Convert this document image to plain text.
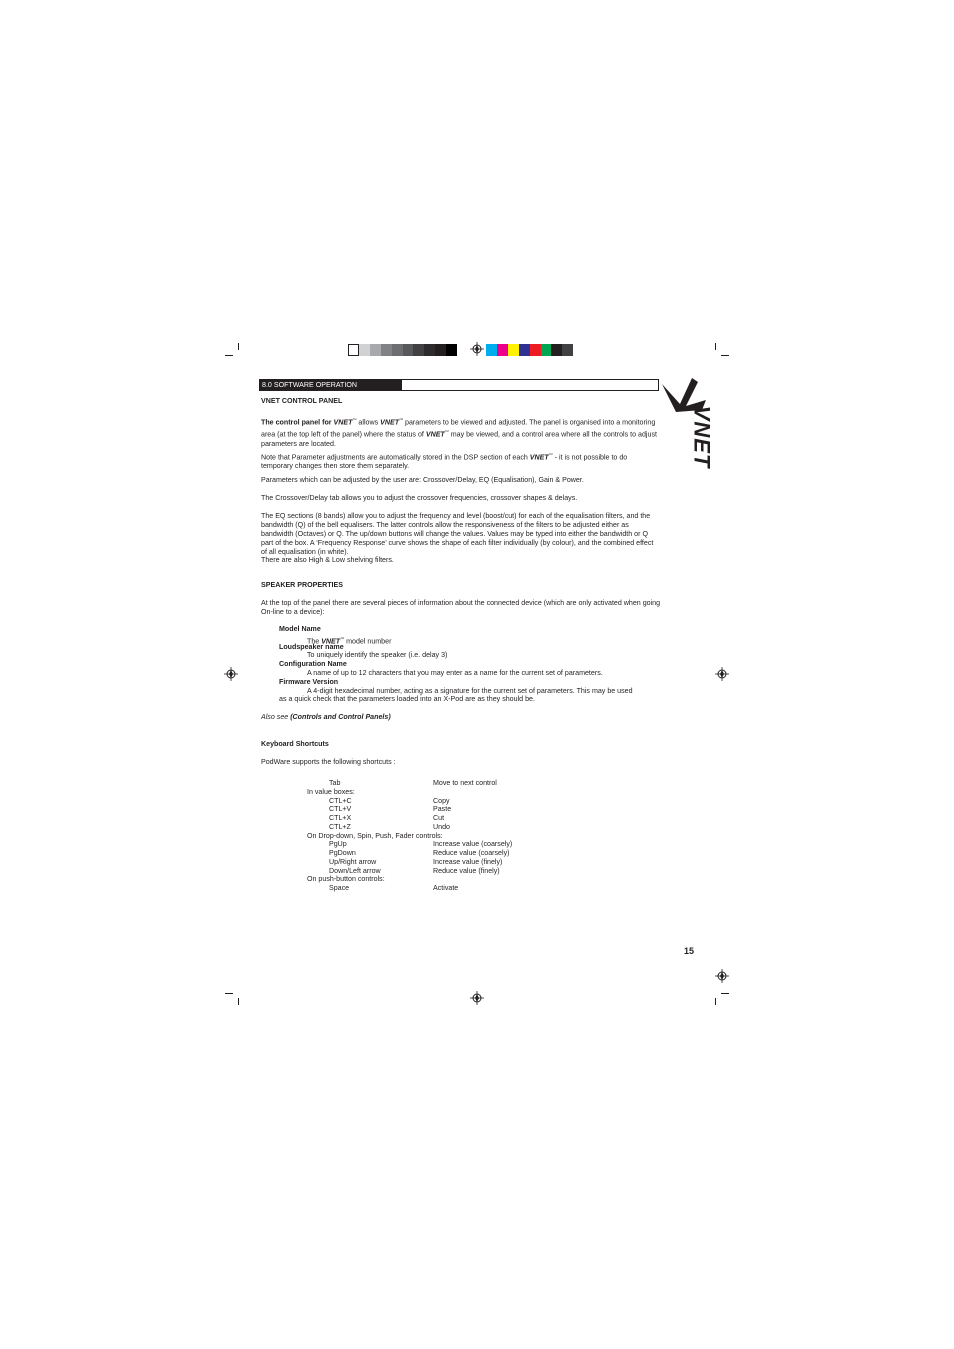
8.0 SOFTWARE OPERATION
VNET
VNET CONTROL PANEL
The control panel for VNET™ allows VNET™ parameters to be viewed and adjusted. The panel is organised into a monitoring area (at the top left of the panel) where the status of VNET™ may be viewed, and a control area where all the controls to adjust parameters are located.
Note that Parameter adjustments are automatically stored in the DSP section of each VNET™ - it is not possible to do temporary changes then store them separately.
Parameters which can be adjusted by the user are: Crossover/Delay, EQ (Equalisation), Gain & Power.
The Crossover/Delay tab allows you to adjust the crossover frequencies, crossover shapes & delays.
The EQ sections (8 bands) allow you to adjust the frequency and level (boost/cut) for each of the equalisation filters, and the bandwidth (Q) of the bell equalisers. The latter controls allow the responsiveness of the filters to be adjusted either as bandwidth (Octaves) or Q. The up/down buttons will change the values. Values may be typed into either the bandwidth or Q part of the box. A ‘Frequency Response’ curve shows the shape of each filter individually (by colour), and the combined effect of all equalisation (in white).
There are also High & Low shelving filters.
SPEAKER PROPERTIES
At the top of the panel there are several pieces of information about the connected device (which are only activated when going On-line to a device):
Model Name
The VNET™ model number
Loudspeaker name
To uniquely identify the speaker (i.e. delay 3)
Configuration Name
A name of up to 12 characters that you may enter as a name for the current set of parameters.
Firmware Version
A 4-digit hexadecimal number, acting as a signature for the current set of parameters. This may be used
as a quick check that the parameters loaded into an X-Pod are as they should be.
Also see (Controls and Control Panels)
Keyboard Shortcuts
PodWare supports the following shortcuts :
15
Tab	Move to next control
In value boxes:
CTL+C	Copy
CTL+V	Paste
CTL+X	Cut
CTL+Z	Undo
On Drop-down, Spin, Push, Fader controls:
PgUp	Increase value (coarsely)
PgDown	Reduce value (coarsely)
Up/Right arrow	Increase value (finely)
Down/Left arrow	Reduce value (finely)
On push-button controls:
Space	Activate
